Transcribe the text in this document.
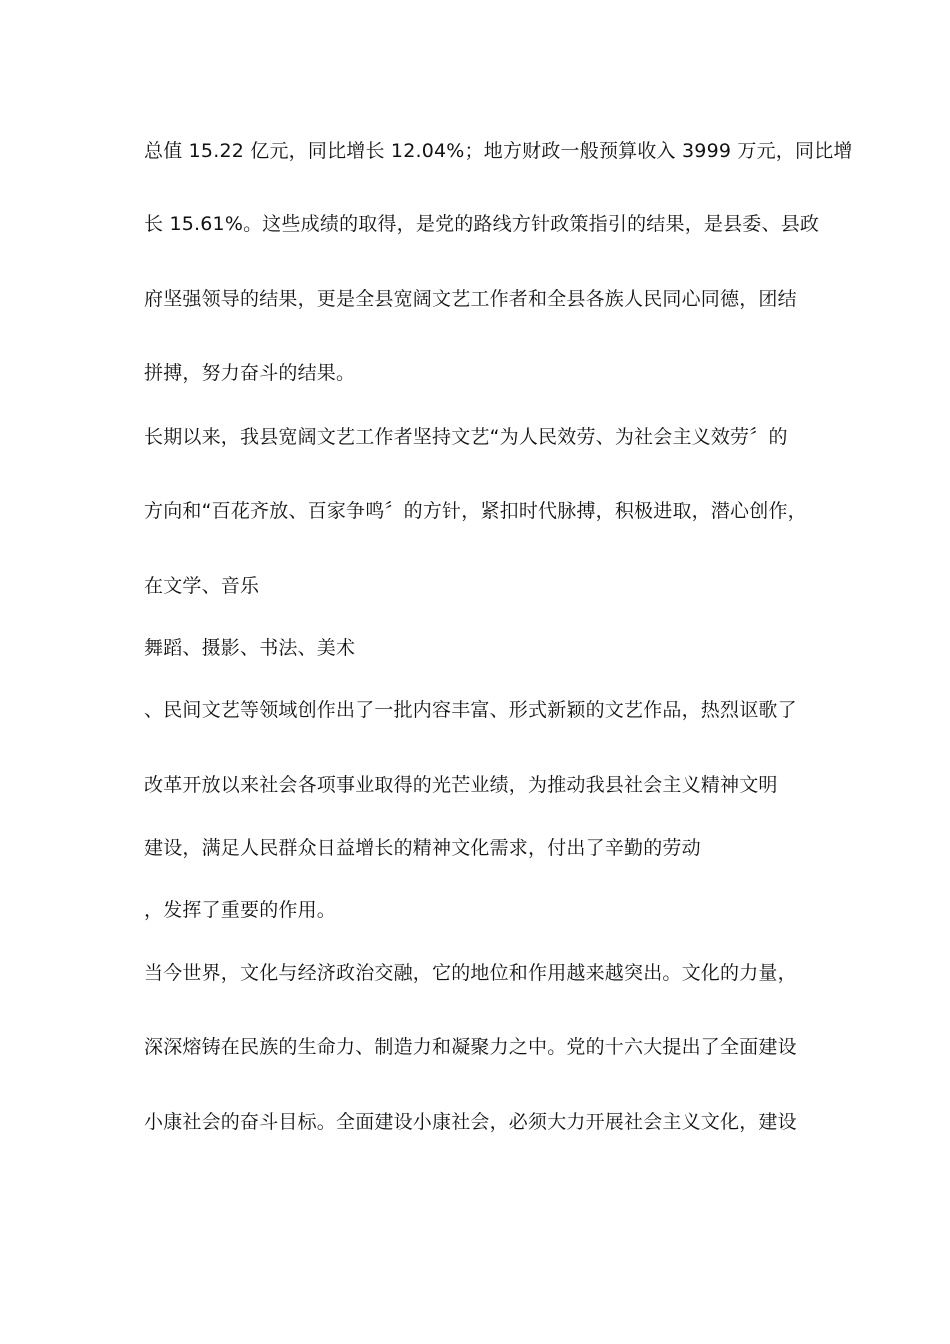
总值 15.22 亿元，同比增长 12.04%；地方财政一般预算收入 3999 万元，同比增
长 15.61%。这些成绩的取得，是党的路线方针政策指引的结果，是县委、县政
府坚强领导的结果，更是全县宽阔文艺工作者和全县各族人民同心同德，团结
拼搏，努力奋斗的结果。
长期以来，我县宽阔文艺工作者坚持文艺“为人民效劳、为社会主义效劳〞的
方向和“百花齐放、百家争鸣〞的方针，紧扣时代脉搏，积极进取，潜心创作，
在文学、音乐
舞蹈、摄影、书法、美术
、民间文艺等领域创作出了一批内容丰富、形式新颖的文艺作品，热烈讴歌了
改革开放以来社会各项事业取得的光芒业绩，为推动我县社会主义精神文明
建设，满足人民群众日益增长的精神文化需求，付出了辛勤的劳动
，发挥了重要的作用。
当今世界，文化与经济政治交融，它的地位和作用越来越突出。文化的力量，
深深熔铸在民族的生命力、制造力和凝聚力之中。党的十六大提出了全面建设
小康社会的奋斗目标。全面建设小康社会，必须大力开展社会主义文化，建设
